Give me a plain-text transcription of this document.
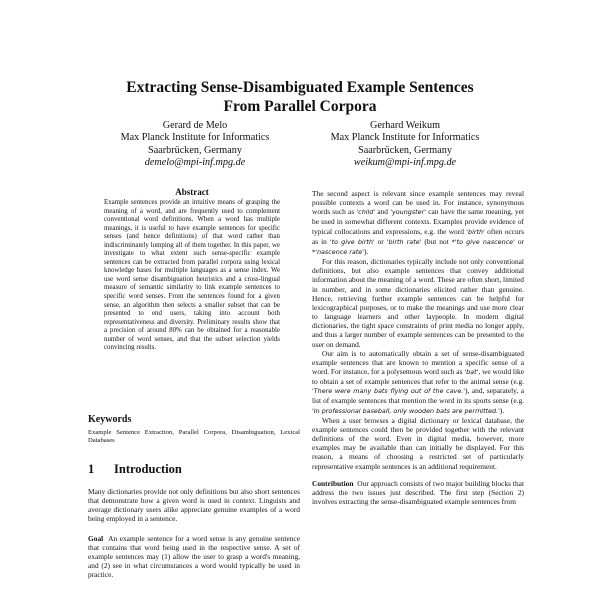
Extracting Sense-Disambiguated Example Sentences
From Parallel Corpora
Gerard de Melo
Max Planck Institute for Informatics
Saarbrücken, Germany
demelo@mpi-inf.mpg.de
Gerhard Weikum
Max Planck Institute for Informatics
Saarbrücken, Germany
weikum@mpi-inf.mpg.de
Abstract

Example sentences provide an intuitive means of grasping the meaning of a word, and are frequently used to complement conventional word definitions. When a word has multiple meanings, it is useful to have example sentences for specific senses (and hence definitions) of that word rather than indiscriminately lumping all of them together. In this paper, we investigate to what extent such sense-specific example sentences can be extracted from parallel corpora using lexical knowledge bases for multiple languages as a sense index. We use word sense disambiguation heuristics and a cross-lingual measure of semantic similarity to link example sentences to specific word senses. From the sentences found for a given sense, an algorithm then selects a smaller subset that can be presented to end users, taking into account both representativeness and diversity. Preliminary results show that a precision of around 80% can be obtained for a reasonable number of word senses, and that the subset selection yields convincing results.

Keywords

Example Sentence Extraction, Parallel Corpora, Disambiguation, Lexical Databases

1 Introduction

Many dictionaries provide not only definitions but also short sentences that demonstrate how a given word is used in context. Linguists and average dictionary users alike appreciate genuine examples of a word being employed in a sentence.

Goal An example sentence for a word sense is any genuine sentence that contains that word being used in the respective sense. A set of example sentences may (1) allow the user to grasp a word's meaning, and (2) see in what circumstances a word would typically be used in practice.

The second aspect is relevant since example sentences may reveal possible contexts a word can be used in. For instance, synonymous words such as 'child' and 'youngster' can have the same meaning, yet be used in somewhat different contexts. Examples provide evidence of typical collocations and expressions, e.g. the word 'birth' often occurs as in 'to give birth' or 'birth rate' (but not *'to give nascence' or *'nascence rate').

For this reason, dictionaries typically include not only conventional definitions, but also example sentences that convey additional information about the meaning of a word. These are often short, limited in number, and in some dictionaries elicited rather than genuine. Hence, retrieving further example sentences can be helpful for lexicographical purposes, or to make the meanings and use more clear to language learners and other laypeople. In modern digital dictionaries, the tight space constraints of print media no longer apply, and thus a larger number of example sentences can be presented to the user on demand.

Our aim is to automatically obtain a set of sense-disambiguated example sentences that are known to mention a specific sense of a word. For instance, for a polysemous word such as 'bat', we would like to obtain a set of example sentences that refer to the animal sense (e.g. 'There were many bats flying out of the cave.'), and, separately, a list of example sentences that mention the word in its sports sense (e.g. 'In professional baseball, only wooden bats are permitted.').

When a user browses a digital dictionary or lexical database, the example sentences could then be provided together with the relevant definitions of the word. Even in digital media, however, more examples may be available than can initially be displayed. For this reason, a means of choosing a restricted set of particularly representative example sentences is an additional requirement.

Contribution Our approach consists of two major building blocks that address the two issues just described. The first step (Section 2) involves extracting the sense-disambiguated example sentences from
